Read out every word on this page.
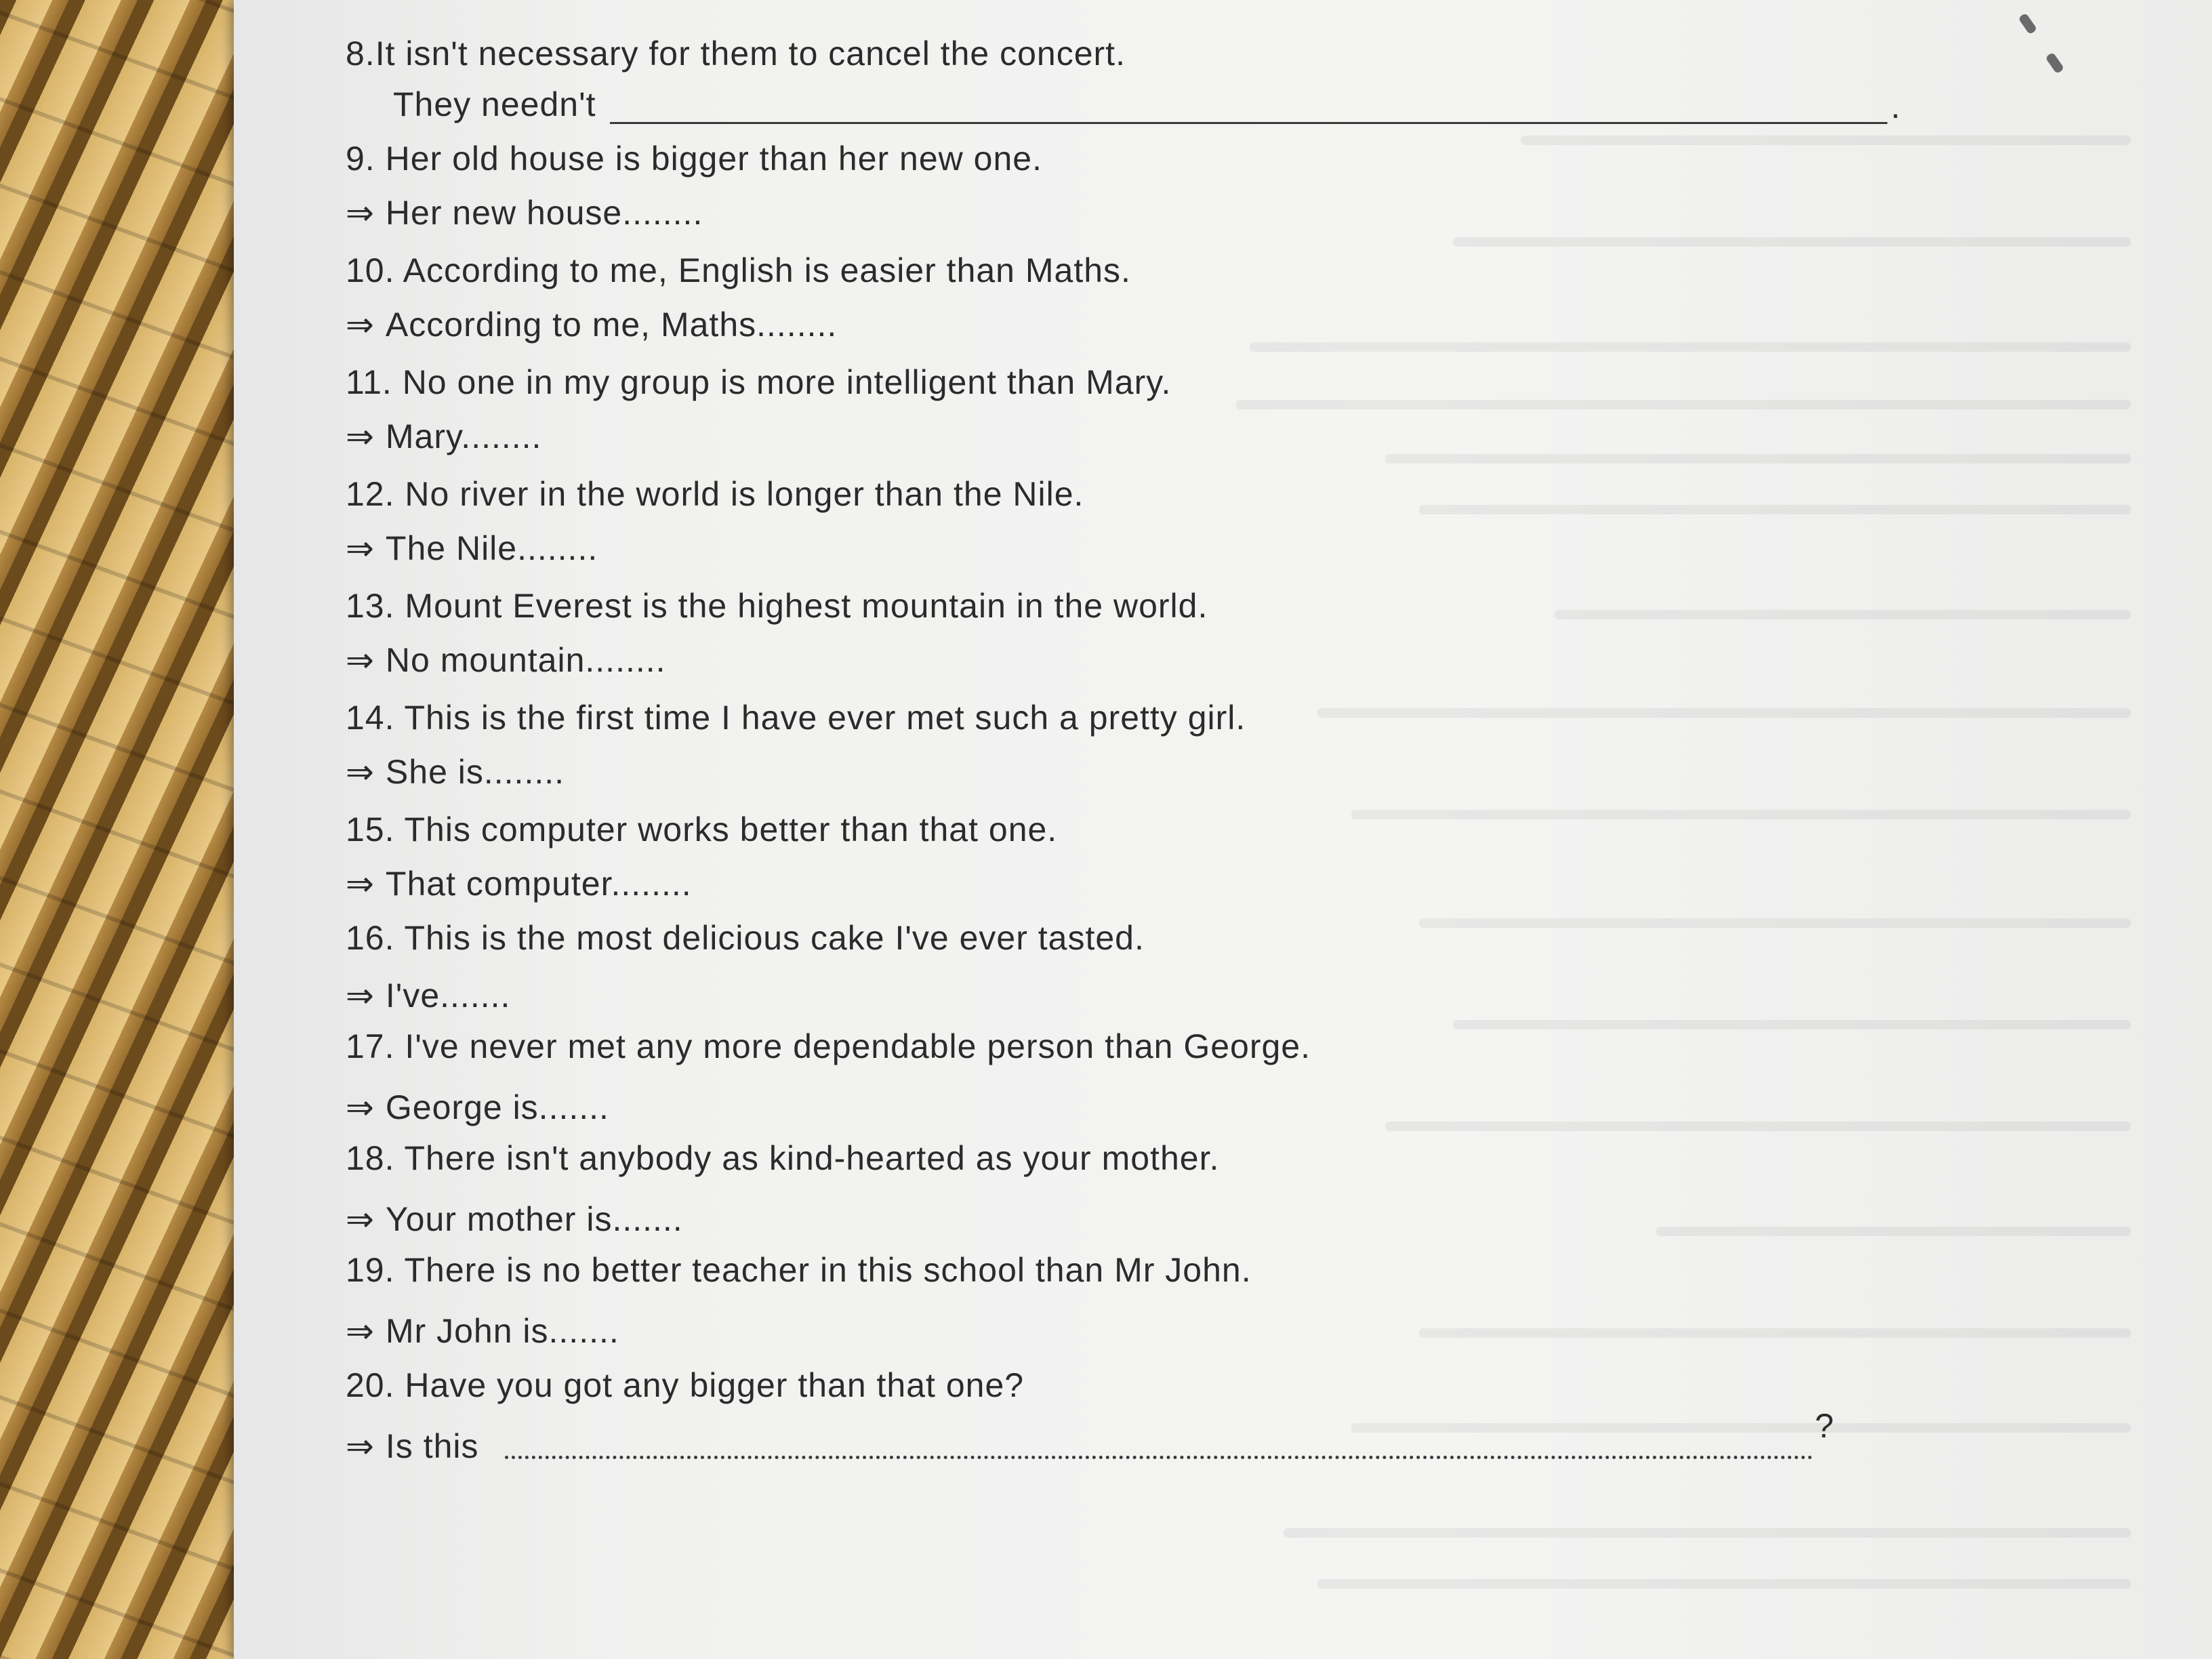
8.It isn't necessary for them to cancel the concert.

They needn't	.

9. Her old house is bigger than her new one.

⇒ Her new house........

10. According to me, English is easier than Maths.

⇒ According to me, Maths........

11. No one in my group is more intelligent than Mary.

⇒ Mary........

12. No river in the world is longer than the Nile.

⇒ The Nile........

13. Mount Everest is the highest mountain in the world.

⇒ No mountain........

14. This is the first time I have ever met such a pretty girl.

⇒ She is........

15. This computer works better than that one.

⇒ That computer........

16. This is the most delicious cake I've ever tasted.

⇒ I've.......

17. I've never met any more dependable person than George.

⇒ George is.......

18. There isn't anybody as kind-hearted as your mother.

⇒ Your mother is.......

19. There is no better teacher in this school than Mr John.

⇒ Mr John is.......

20. Have you got any bigger than that one?

⇒ Is this

?
